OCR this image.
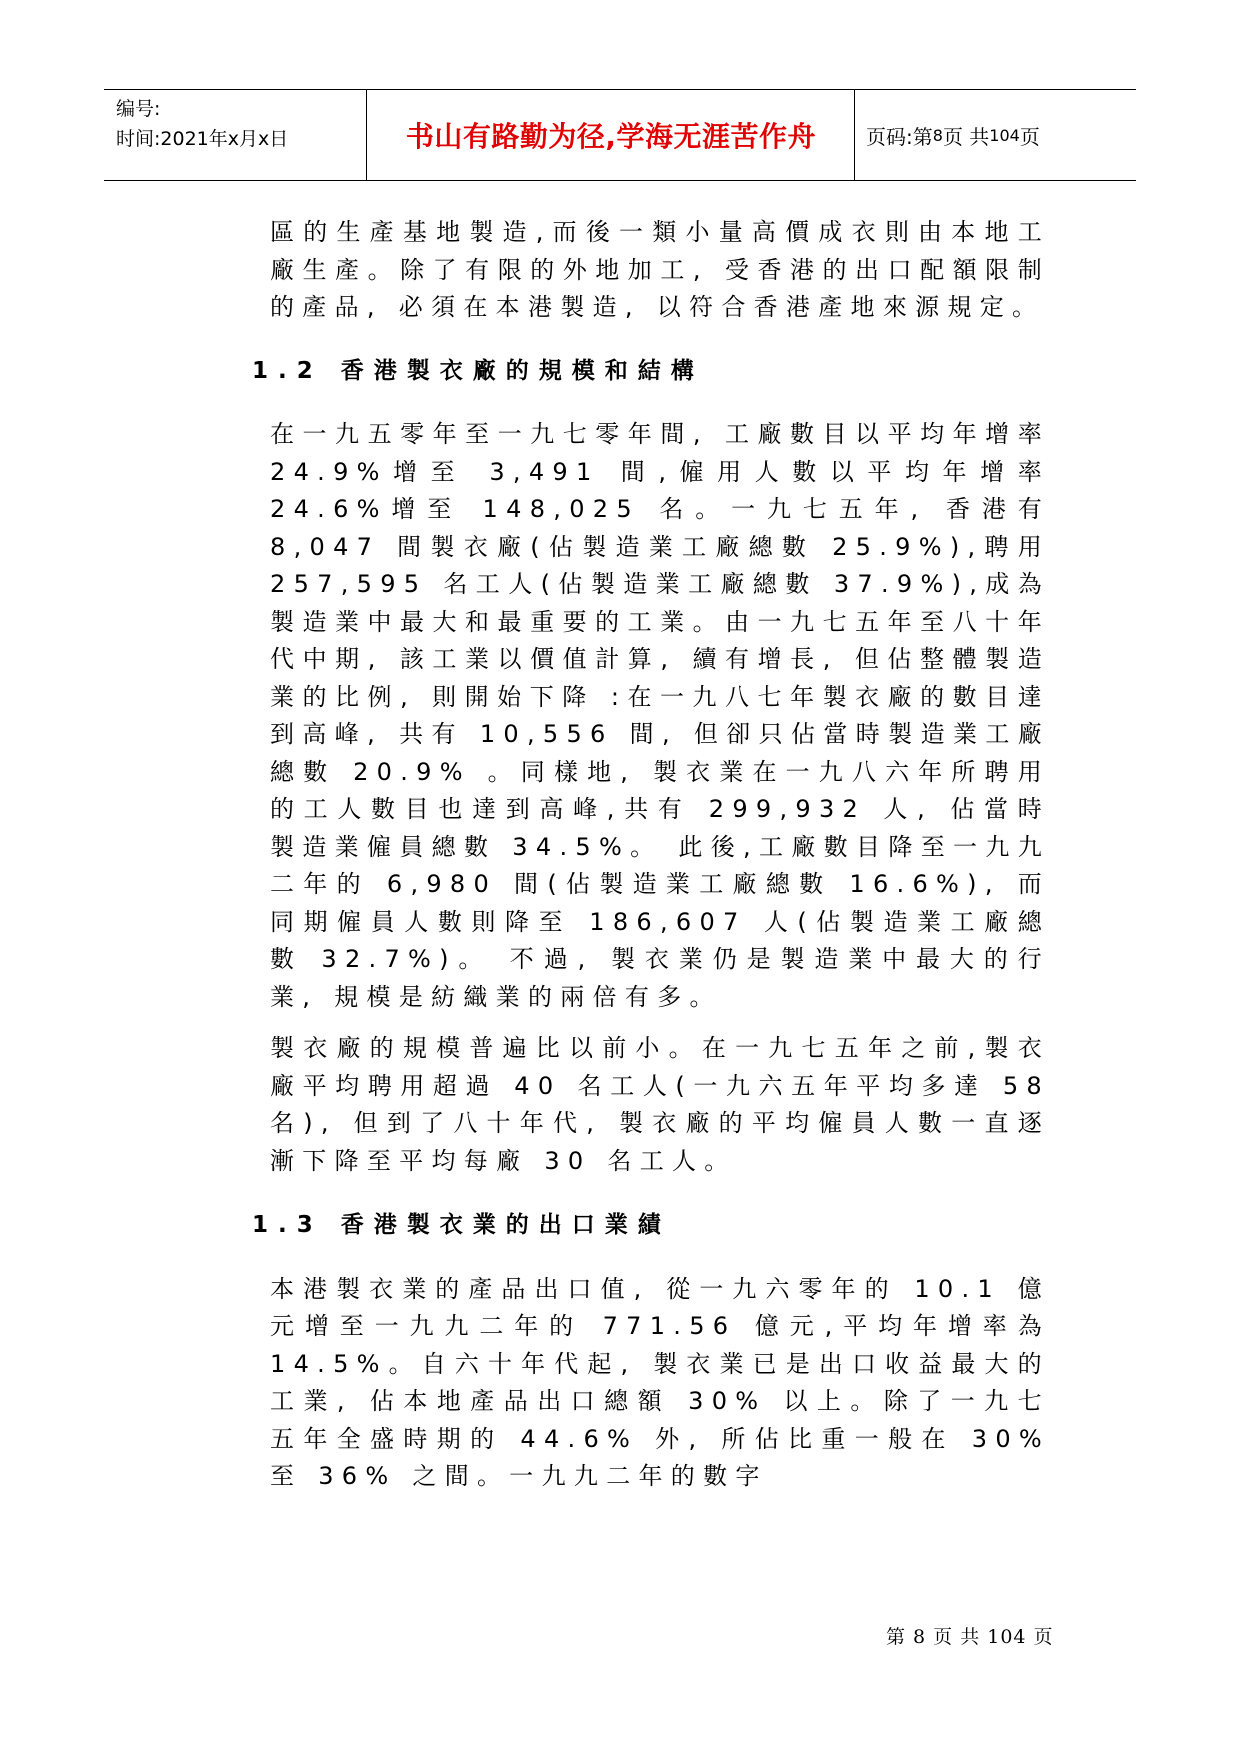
编号:
时间:2021年x月x日	书山有路勤为径,学海无涯苦作舟	页码:第 8 页 共 104 页

區的生產基地製造,而後一類小量高價成衣則由本地工廠生產。除了有限的外地加工, 受香港的出口配額限制的產品, 必須在本港製造, 以符合香港產地來源規定。

1.2 香港製衣廠的規模和結構

在一九五零年至一九七零年間, 工廠數目以平均年增率 24.9%增至 3,491 間,僱用人數以平均年增率 24.6%增至 148,025 名。一九七五年, 香港有 8,047 間製衣廠(佔製造業工廠總數 25.9%),聘用 257,595 名工人(佔製造業工廠總數 37.9%),成為製造業中最大和最重要的工業。由一九七五年至八十年代中期, 該工業以價值計算, 續有增長, 但佔整體製造業的比例, 則開始下降 :在一九八七年製衣廠的數目達到高峰, 共有 10,556 間, 但卻只佔當時製造業工廠總數 20.9% 。同樣地, 製衣業在一九八六年所聘用的工人數目也達到高峰,共有 299,932 人, 佔當時製造業僱員總數 34.5%。 此後,工廠數目降至一九九二年的 6,980 間(佔製造業工廠總數 16.6%), 而同期僱員人數則降至 186,607 人(佔製造業工廠總數 32.7%)。 不過, 製衣業仍是製造業中最大的行業, 規模是紡織業的兩倍有多。

製衣廠的規模普遍比以前小。在一九七五年之前,製衣廠平均聘用超過 40 名工人(一九六五年平均多達 58 名), 但到了八十年代, 製衣廠的平均僱員人數一直逐漸下降至平均每廠 30 名工人。

1.3 香港製衣業的出口業績

本港製衣業的產品出口值, 從一九六零年的 10.1 億元增至一九九二年的 771.56 億元,平均年增率為 14.5%。自六十年代起, 製衣業已是出口收益最大的工業, 佔本地產品出口總額 30% 以上。除了一九七五年全盛時期的 44.6% 外, 所佔比重一般在 30%至 36% 之間。一九九二年的數字

第 8 页 共 104 页
